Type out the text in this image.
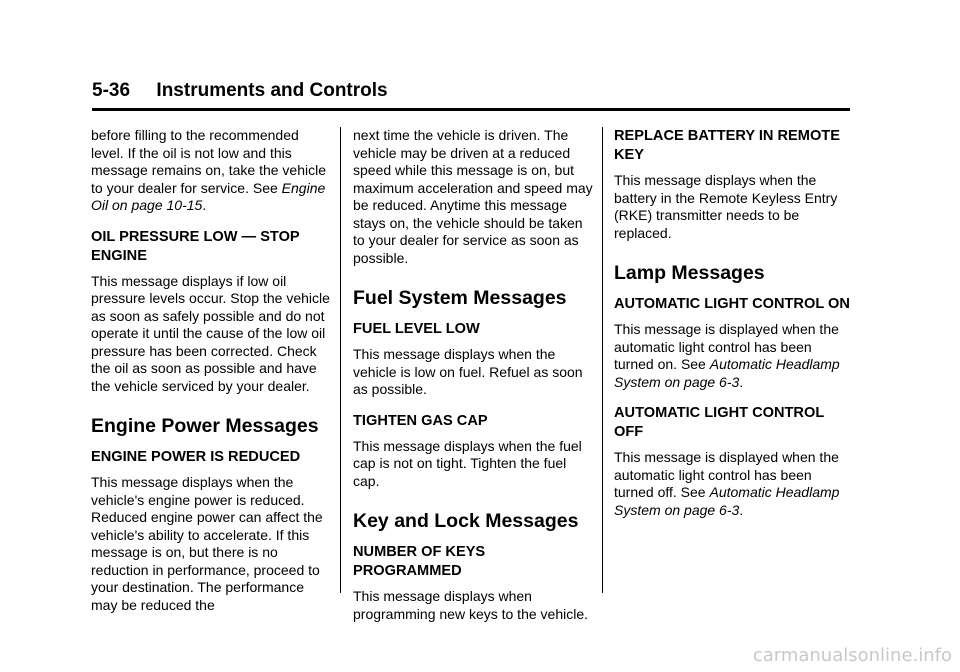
5-36     Instruments and Controls

before filling to the recommended level. If the oil is not low and this message remains on, take the vehicle to your dealer for service. See Engine Oil on page 10-15.

OIL PRESSURE LOW — STOP ENGINE

This message displays if low oil pressure levels occur. Stop the vehicle as soon as safely possible and do not operate it until the cause of the low oil pressure has been corrected. Check the oil as soon as possible and have the vehicle serviced by your dealer.

Engine Power Messages
ENGINE POWER IS REDUCED

This message displays when the vehicle's engine power is reduced. Reduced engine power can affect the vehicle's ability to accelerate. If this message is on, but there is no reduction in performance, proceed to your destination. The performance may be reduced the

next time the vehicle is driven. The vehicle may be driven at a reduced speed while this message is on, but maximum acceleration and speed may be reduced. Anytime this message stays on, the vehicle should be taken to your dealer for service as soon as possible.

Fuel System Messages
FUEL LEVEL LOW

This message displays when the vehicle is low on fuel. Refuel as soon as possible.

TIGHTEN GAS CAP

This message displays when the fuel cap is not on tight. Tighten the fuel cap.

Key and Lock Messages
NUMBER OF KEYS PROGRAMMED

This message displays when programming new keys to the vehicle.

REPLACE BATTERY IN REMOTE KEY

This message displays when the battery in the Remote Keyless Entry (RKE) transmitter needs to be replaced.

Lamp Messages
AUTOMATIC LIGHT CONTROL ON

This message is displayed when the automatic light control has been turned on. See Automatic Headlamp System on page 6-3.

AUTOMATIC LIGHT CONTROL OFF

This message is displayed when the automatic light control has been turned off. See Automatic Headlamp System on page 6-3.

carmanualsonline.info
